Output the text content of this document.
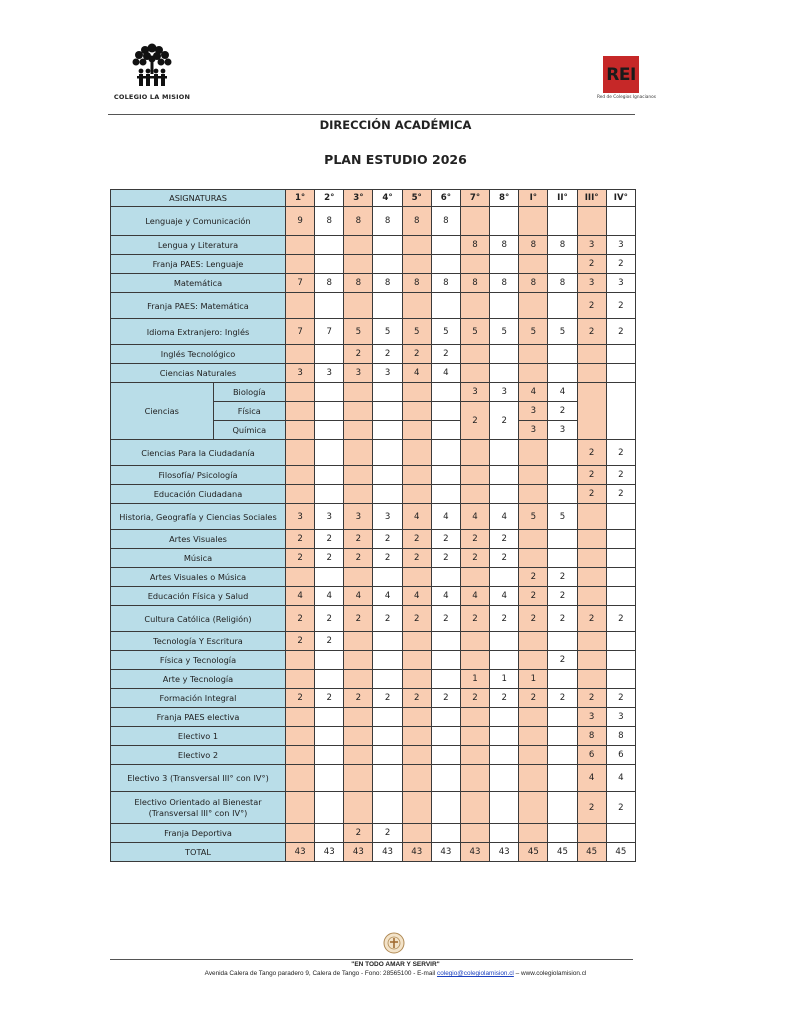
COLEGIO LA MISION
REI
Red de Colegios Ignacianos
DIRECCIÓN ACADÉMICA
PLAN ESTUDIO 2026
ASIGNATURAS		1°	2°	3°	4°	5°	6°	7°	8°	I°	II°	III°	IV°
Lenguaje y Comunicación		9	8	8	8	8	8						
Lengua y Literatura								8	8	8	8	3	3
Franja PAES: Lenguaje												2	2
Matemática		7	8	8	8	8	8	8	8	8	8	3	3
Franja PAES: Matemática												2	2
Idioma Extranjero: Inglés		7	7	5	5	5	5	5	5	5	5	2	2
Inglés Tecnológico				2	2	2	2						
Ciencias Naturales		3	3	3	3	4	4						
Ciencias	Biología							3	3	4	4		
	Física							2	2	3	2		
	Química									3	3		
Ciencias Para la Ciudadanía												2	2
Filosofía/ Psicología												2	2
Educación Ciudadana												2	2
Historia, Geografía y Ciencias Sociales		3	3	3	3	4	4	4	4	5	5		
Artes Visuales		2	2	2	2	2	2	2	2				
Música		2	2	2	2	2	2	2	2				
Artes Visuales o Música										2	2		
Educación Física y Salud		4	4	4	4	4	4	4	4	2	2		
Cultura Católica (Religión)		2	2	2	2	2	2	2	2	2	2	2	2
Tecnología Y Escritura		2	2										
Física y Tecnología											2		
Arte y Tecnología								1	1	1			
Formación Integral		2	2	2	2	2	2	2	2	2	2	2	2
Franja PAES electiva												3	3
Electivo 1												8	8
Electivo 2												6	6
Electivo 3 (Transversal III° con IV°)												4	4
Electivo Orientado al Bienestar (Transversal III° con IV°)												2	2
Franja Deportiva				2	2								
TOTAL		43	43	43	43	43	43	43	43	45	45	45	45
"EN TODO AMAR Y SERVIR"
Avenida Calera de Tango paradero 9, Calera de Tango - Fono: 28565100 - E-mail colegio@colegiolamision.cl – www.colegiolamision.cl
